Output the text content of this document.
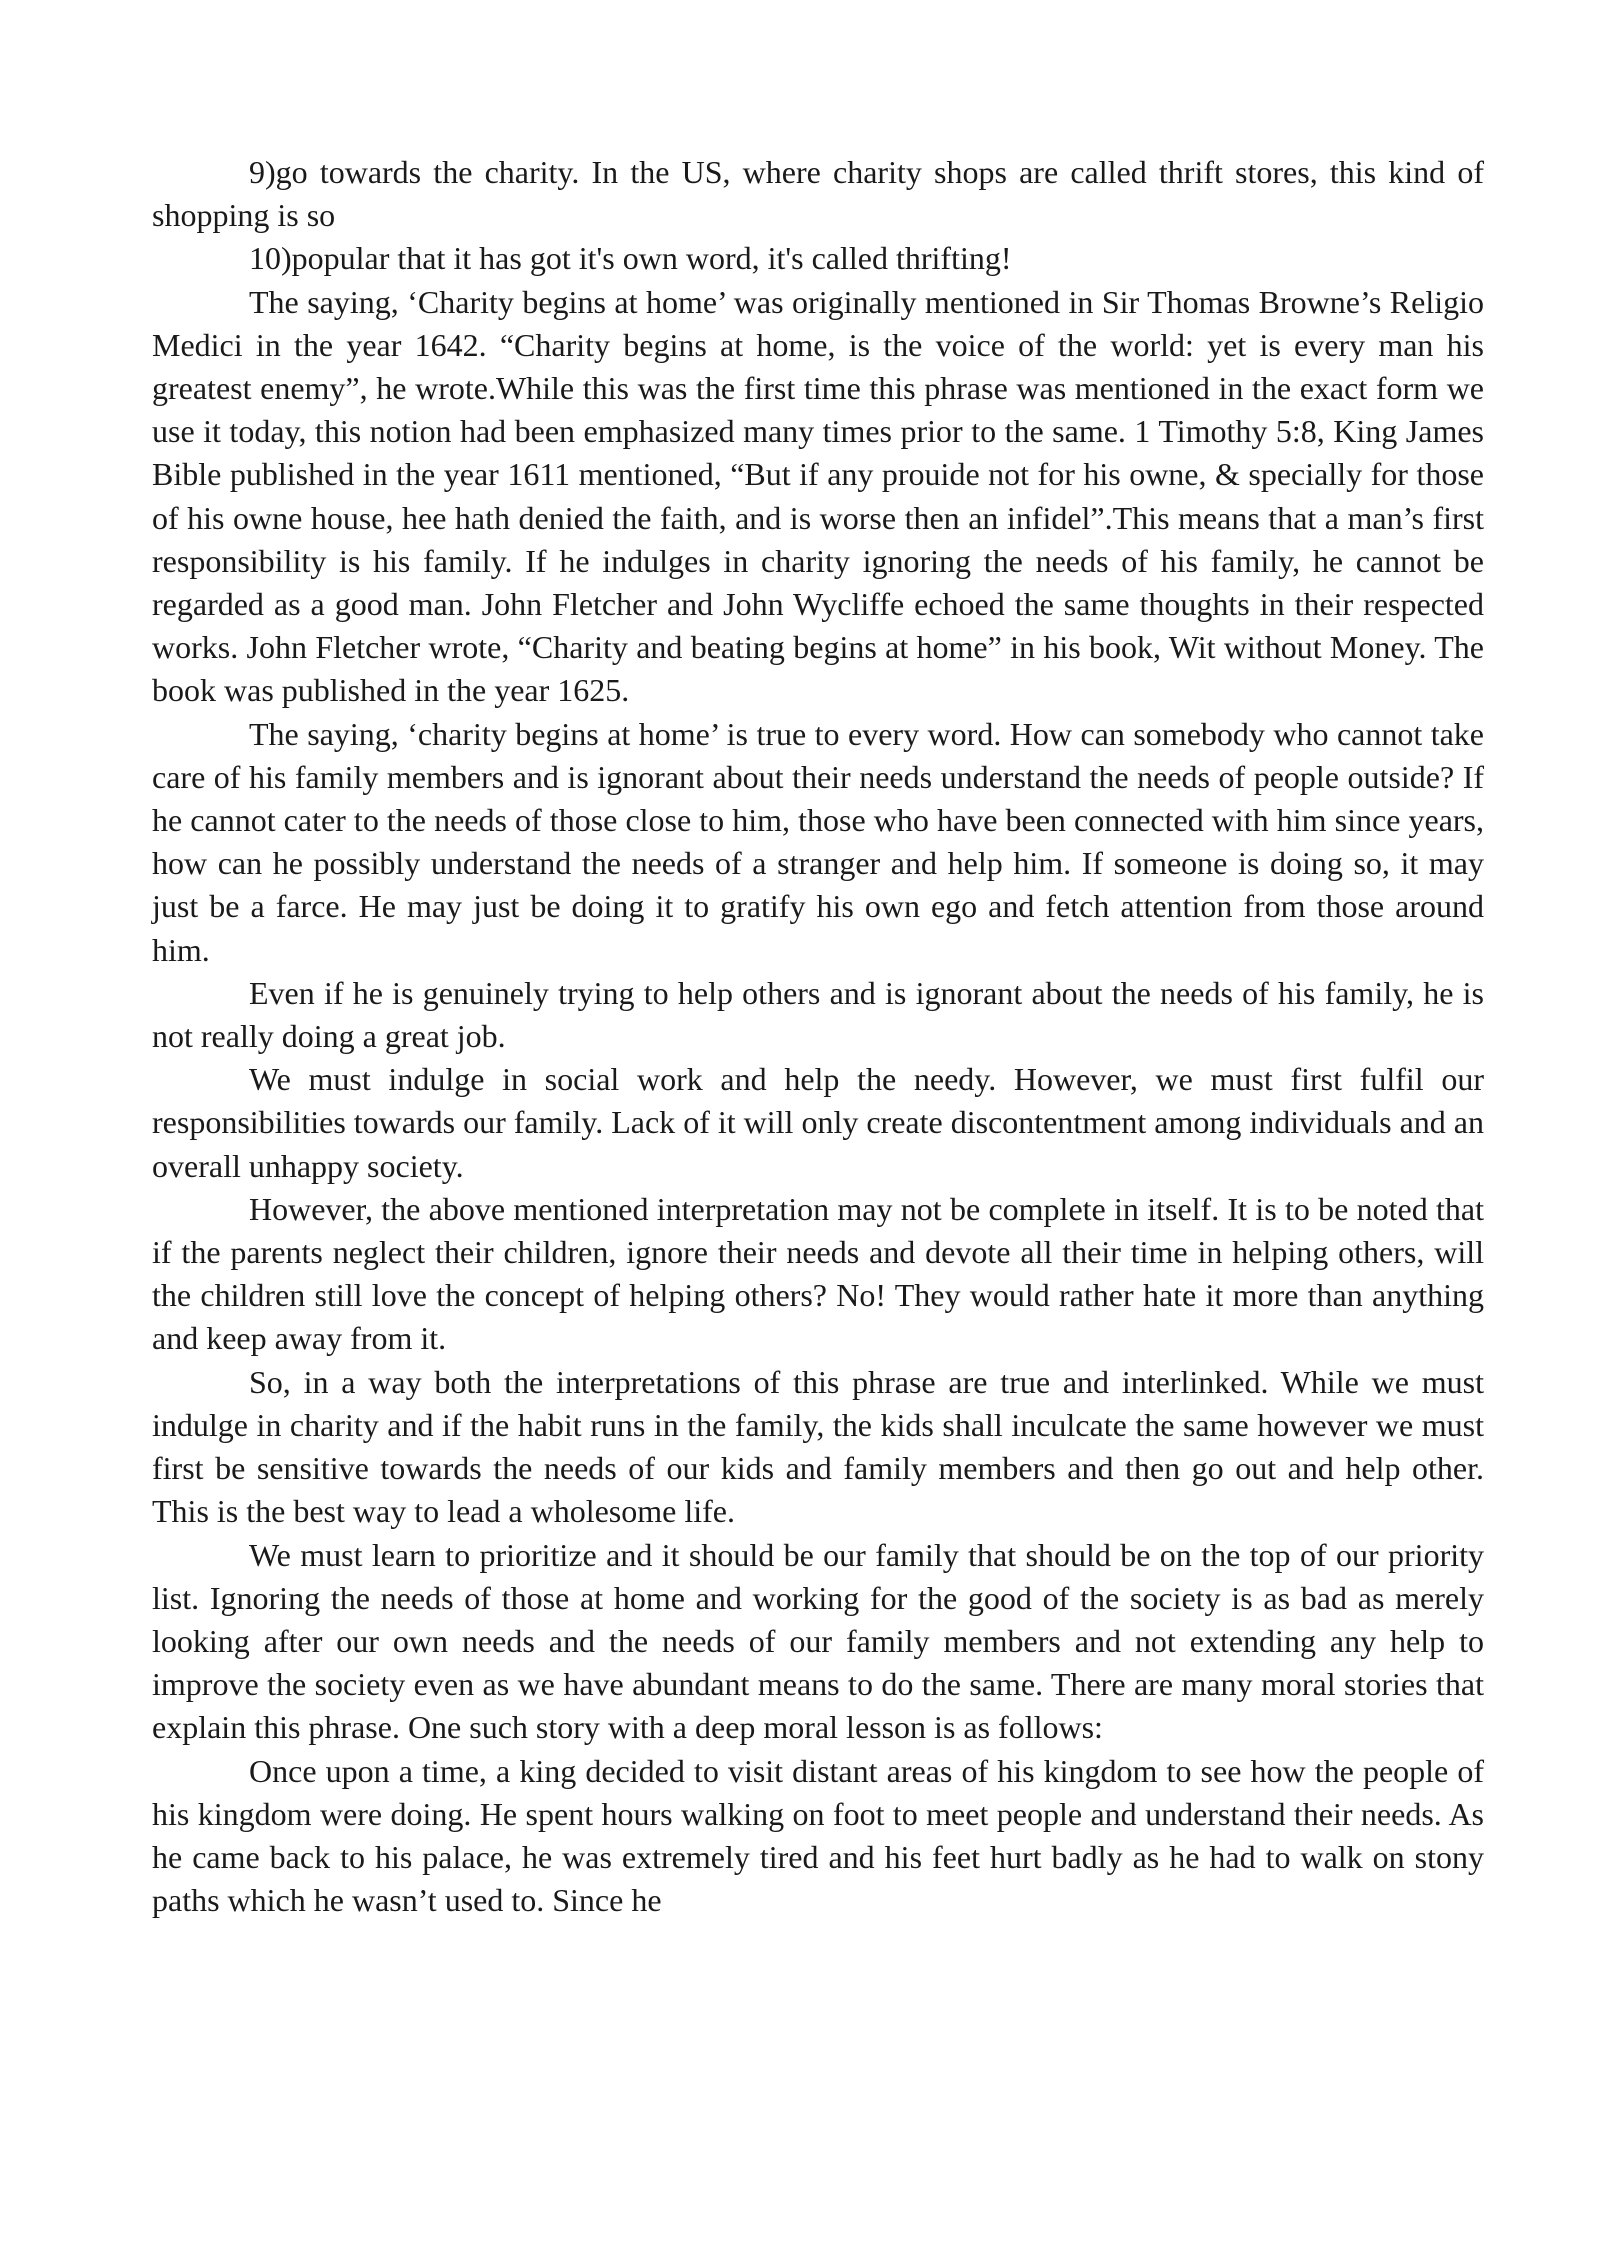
9)go towards the charity. In the US, where charity shops are called thrift stores, this kind of shopping is so

10)popular that it has got it's own word, it's called thrifting!

The saying, ‘Charity begins at home’ was originally mentioned in Sir Thomas Browne’s Religio Medici in the year 1642. “Charity begins at home, is the voice of the world: yet is every man his greatest enemy”, he wrote.While this was the first time this phrase was mentioned in the exact form we use it today, this notion had been emphasized many times prior to the same. 1 Timothy 5:8, King James Bible published in the year 1611 mentioned, “But if any prouide not for his owne, & specially for those of his owne house, hee hath denied the faith, and is worse then an infidel”.This means that a man’s first responsibility is his family. If he indulges in charity ignoring the needs of his family, he cannot be regarded as a good man. John Fletcher and John Wycliffe echoed the same thoughts in their respected works. John Fletcher wrote, “Charity and beating begins at home” in his book, Wit without Money. The book was published in the year 1625.

The saying, ‘charity begins at home’ is true to every word. How can somebody who cannot take care of his family members and is ignorant about their needs understand the needs of people outside? If he cannot cater to the needs of those close to him, those who have been connected with him since years, how can he possibly understand the needs of a stranger and help him. If someone is doing so, it may just be a farce. He may just be doing it to gratify his own ego and fetch attention from those around him.

Even if he is genuinely trying to help others and is ignorant about the needs of his family, he is not really doing a great job.

We must indulge in social work and help the needy. However, we must first fulfil our responsibilities towards our family. Lack of it will only create discontentment among individuals and an overall unhappy society.

However, the above mentioned interpretation may not be complete in itself. It is to be noted that if the parents neglect their children, ignore their needs and devote all their time in helping others, will the children still love the concept of helping others? No! They would rather hate it more than anything and keep away from it.

So, in a way both the interpretations of this phrase are true and interlinked. While we must indulge in charity and if the habit runs in the family, the kids shall inculcate the same however we must first be sensitive towards the needs of our kids and family members and then go out and help other. This is the best way to lead a wholesome life.

We must learn to prioritize and it should be our family that should be on the top of our priority list. Ignoring the needs of those at home and working for the good of the society is as bad as merely looking after our own needs and the needs of our family members and not extending any help to improve the society even as we have abundant means to do the same. There are many moral stories that explain this phrase. One such story with a deep moral lesson is as follows:

Once upon a time, a king decided to visit distant areas of his kingdom to see how the people of his kingdom were doing. He spent hours walking on foot to meet people and understand their needs. As he came back to his palace, he was extremely tired and his feet hurt badly as he had to walk on stony paths which he wasn’t used to. Since he
